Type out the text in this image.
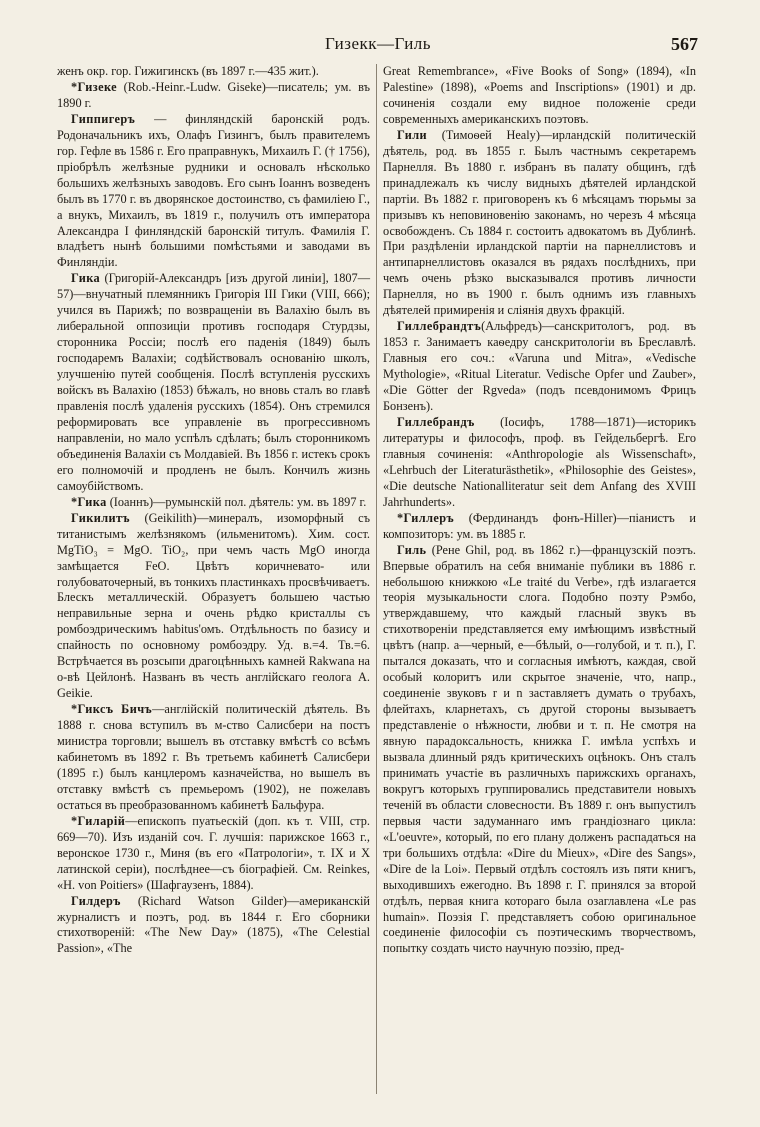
Гизекк—Гиль	567

женъ окр. гор. Гижигинскъ (въ 1897 г.—435 жит.).

*Гизеке (Rob.-Heinr.-Ludw. Giseke)—писатель; ум. въ 1890 г.

Гиппигеръ — финляндскій баронскій родъ. Родоначальникъ ихъ, Олафъ Гизингъ, былъ правителемъ гор. Гефле въ 1586 г. Его праправнукъ, Михаилъ Г. († 1756), пріобрѣлъ желѣзные рудники и основалъ нѣсколько большихъ желѣзныхъ заводовъ. Его сынъ Іоаннъ возведенъ былъ въ 1770 г. въ дворянское достоинство, съ фамиліею Г., а внукъ, Михаилъ, въ 1819 г., получилъ отъ императора Александра I финляндскій баронскій титулъ. Фамилія Г. владѣетъ нынѣ большими помѣстьями и заводами въ Финляндіи.

Гика (Григорій-Александръ [изъ другой линіи], 1807—57)—внучатный племянникъ Григорія III Гики (VIII, 666); учился въ Парижѣ; по возвращеніи въ Валахію былъ въ либеральной оппозиціи противъ господаря Стурдзы, сторонника Россіи; послѣ его паденія (1849) былъ господаремъ Валахіи; содѣйствовалъ основанію школъ, улучшенію путей сообщенія. Послѣ вступленія русскихъ войскъ въ Валахію (1853) бѣжалъ, но вновь сталъ во главѣ правленія послѣ удаленія русскихъ (1854). Онъ стремился реформировать все управленіе въ прогрессивномъ направленіи, но мало успѣлъ сдѣлать; былъ сторонникомъ объединенія Валахіи съ Молдавіей. Въ 1856 г. истекъ срокъ его полномочій и продленъ не былъ. Кончилъ жизнь самоубійствомъ.

*Гика (Іоаннъ)—румынскій пол. дѣятель: ум. въ 1897 г.

Гикилитъ (Geikilith)—минералъ, изоморфный съ титанистымъ желѣзнякомъ (ильменитомъ). Хим. сост. MgTiO₃ = MgO. TiO₂, при чемъ часть MgO иногда замѣщается FeO. Цвѣтъ коричневато- или голубоваточерный, въ тонкихъ пластинкахъ просвѣчиваетъ. Блескъ металлическій. Образуетъ большею частью неправильные зерна и очень рѣдко кристаллы съ ромбоэдрическимъ habitus'омъ. Отдѣльность по базису и спайность по основному ромбоэдру. Уд. в.=4. Тв.=6. Встрѣчается въ розсыпи драгоцѣнныхъ камней Rakwana на о-вѣ Цейлонѣ. Названъ въ честь англійскаго геолога A. Geikie.

*Гиксъ Бичъ—англійскій политическій дѣятель. Въ 1888 г. снова вступилъ въ м-ство Салисбери на постъ министра торговли; вышелъ въ отставку вмѣстѣ со всѣмъ кабинетомъ въ 1892 г. Въ третьемъ кабинетѣ Салисбери (1895 г.) былъ канцлеромъ казначейства, но вышелъ въ отставку вмѣстѣ съ премьеромъ (1902), не пожелавъ остаться въ преобразованномъ кабинетѣ Бальфура.

*Гиларій—епископъ пуатьескій (доп. къ т. VIII, стр. 669—70). Изъ изданій соч. Г. лучшія: парижское 1663 г., веронское 1730 г., Миня (въ его «Патрологіи», т. IX и X латинской серіи), послѣднее—съ біографіей. См. Reinkes, «H. von Poitiers» (Шафгаузенъ, 1884).

Гилдеръ (Richard Watson Gilder)—американскій журналистъ и поэтъ, род. въ 1844 г. Его сборники стихотвореній: «The New Day» (1875), «The Celestial Passion», «The

Great Remembrance», «Five Books of Song» (1894), «In Palestine» (1898), «Poems and Inscriptions» (1901) и др. сочиненія создали ему видное положеніе среди современныхъ американскихъ поэтовъ.

Гили (Тимоѳей Healy)—ирландскій политическій дѣятель, род. въ 1855 г. Былъ частнымъ секретаремъ Парнелля. Въ 1880 г. избранъ въ палату общинъ, гдѣ принадлежалъ къ числу видныхъ дѣятелей ирландской партіи. Въ 1882 г. приговоренъ къ 6 мѣсяцамъ тюрьмы за призывъ къ неповиновенію законамъ, но черезъ 4 мѣсяца освобожденъ. Съ 1884 г. состоитъ адвокатомъ въ Дублинѣ. При раздѣленіи ирландской партіи на парнеллистовъ и антипарнеллистовъ оказался въ рядахъ послѣднихъ, при чемъ очень рѣзко высказывался противъ личности Парнелля, но въ 1900 г. былъ однимъ изъ главныхъ дѣятелей примиренія и слiянія двухъ фракцій.

Гиллебрандтъ(Альфредъ)—санскритологъ, род. въ 1853 г. Занимаетъ каѳедру санскритологіи въ Бреславлѣ. Главныя его соч.: «Varuna und Mitra», «Vedische Mythologie», «Ritual Literatur. Vedische Opfer und Zauber», «Die Götter der Rgveda» (подъ псевдонимомъ Фрицъ Бонзенъ).

Гиллебрандъ (Іосифъ, 1788—1871)—историкъ литературы и философъ, проф. въ Гейдельбергѣ. Его главныя сочиненія: «Anthropologie als Wissenschaft», «Lehrbuch der Literaturästhetik», «Philosophie des Geistes», «Die deutsche Nationalliteratur seit dem Anfang des XVIII Jahrhunderts».

*Гиллеръ (Фердинандъ фонъ-Hiller)—піанистъ и композиторъ: ум. въ 1885 г.

Гиль (Рене Ghil, род. въ 1862 г.)—французскій поэтъ. Впервые обратилъ на себя вниманіе публики въ 1886 г. небольшою книжкою «Le traité du Verbe», гдѣ излагается теорія музыкальности слога. Подобно поэту Рэмбо, утверждавшему, что каждый гласный звукъ въ стихотвореніи представляется ему имѣющимъ извѣстный цвѣтъ (напр. а—черный, е—бѣлый, о—голубой, и т. п.), Г. пытался доказать, что и согласныя имѣютъ, каждая, свой особый колоритъ или скрытое значеніе, что, напр., соединеніе звуковъ r и n заставляетъ думать о трубахъ, флейтахъ, кларнетахъ, съ другой стороны вызываетъ представленіе о нѣжности, любви и т. п. Не смотря на явную парадоксальность, книжка Г. имѣла успѣхъ и вызвала длинный рядъ критическихъ оцѣнокъ. Онъ сталъ принимать участіе въ различныхъ парижскихъ органахъ, вокругъ которыхъ группировались представители новыхъ теченій въ области словесности. Въ 1889 г. онъ выпустилъ первыя части задуманнаго имъ грандіознаго цикла: «L'oeuvre», который, по его плану долженъ распадаться на три большихъ отдѣла: «Dire du Mieux», «Dire des Sangs», «Dire de la Loi». Первый отдѣлъ состоялъ изъ пяти книгъ, выходившихъ ежегодно. Въ 1898 г. Г. принялся за второй отдѣлъ, первая книга котораго была озаглавлена «Le pas humain». Поэзія Г. представляетъ собою оригинальное соединеніе философіи съ поэтическимъ творчествомъ, попытку создать чисто научную поэзію, пред-
